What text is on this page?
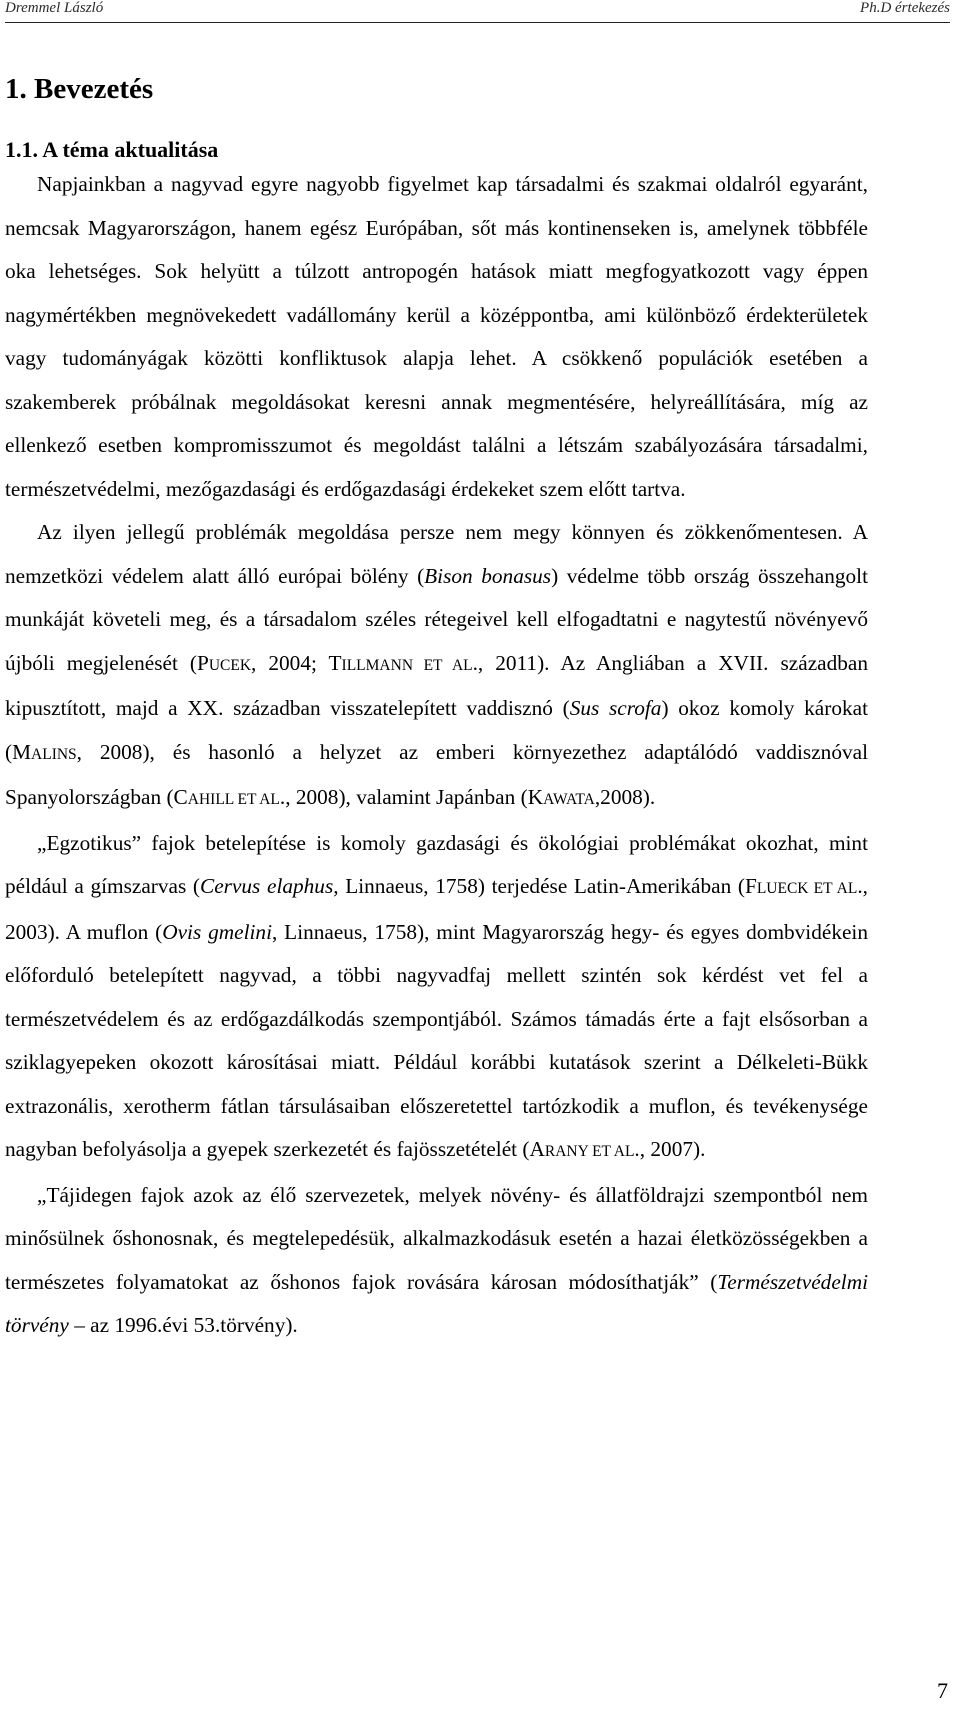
Dremmel László	Ph.D értekezés
1. Bevezetés
1.1. A téma aktualitása

Napjainkban a nagyvad egyre nagyobb figyelmet kap társadalmi és szakmai oldalról egyaránt, nemcsak Magyarországon, hanem egész Európában, sőt más kontinenseken is, amelynek többféle oka lehetséges. Sok helyütt a túlzott antropogén hatások miatt megfogyatkozott vagy éppen nagymértékben megnövekedett vadállomány kerül a középpontba, ami különböző érdekterületek vagy tudományágak közötti konfliktusok alapja lehet. A csökkenő populációk esetében a szakemberek próbálnak megoldásokat keresni annak megmentésére, helyreállítására, míg az ellenkező esetben kompromisszumot és megoldást találni a létszám szabályozására társadalmi, természetvédelmi, mezőgazdasági és erdőgazdasági érdekeket szem előtt tartva.

Az ilyen jellegű problémák megoldása persze nem megy könnyen és zökkenőmentesen. A nemzetközi védelem alatt álló európai bölény (Bison bonasus) védelme több ország összehangolt munkáját követeli meg, és a társadalom széles rétegeivel kell elfogadtatni e nagytestű növényevő újbóli megjelenését (PUCEK, 2004; TILLMANN ET AL., 2011). Az Angliában a XVII. században kipusztított, majd a XX. században visszatelepített vaddisznó (Sus scrofa) okoz komoly károkat (MALINS, 2008), és hasonló a helyzet az emberi környezethez adaptálódó vaddisznóval Spanyolországban (CAHILL ET AL., 2008), valamint Japánban (KAWATA,2008).

„Egzotikus” fajok betelepítése is komoly gazdasági és ökológiai problémákat okozhat, mint például a gímszarvas (Cervus elaphus, Linnaeus, 1758) terjedése Latin-Amerikában (FLUECK ET AL., 2003). A muflon (Ovis gmelini, Linnaeus, 1758), mint Magyarország hegy- és egyes dombvidékein előforduló betelepített nagyvad, a többi nagyvadfaj mellett szintén sok kérdést vet fel a természetvédelem és az erdőgazdálkodás szempontjából. Számos támadás érte a fajt elsősorban a sziklagyepeken okozott károsításai miatt. Például korábbi kutatások szerint a Délkeleti-Bükk extrazonális, xerotherm fátlan társulásaiban előszeretettel tartózkodik a muflon, és tevékenysége nagyban befolyásolja a gyepek szerkezetét és fajösszetételét (ARANY ET AL., 2007).

„Tájidegen fajok azok az élő szervezetek, melyek növény- és állatföldrajzi szempontból nem minősülnek őshonosnak, és megtelepedésük, alkalmazkodásuk esetén a hazai életközösségekben a természetes folyamatokat az őshonos fajok rovására károsan módosíthatják” (Természetvédelmi törvény – az 1996.évi 53.törvény).

7
